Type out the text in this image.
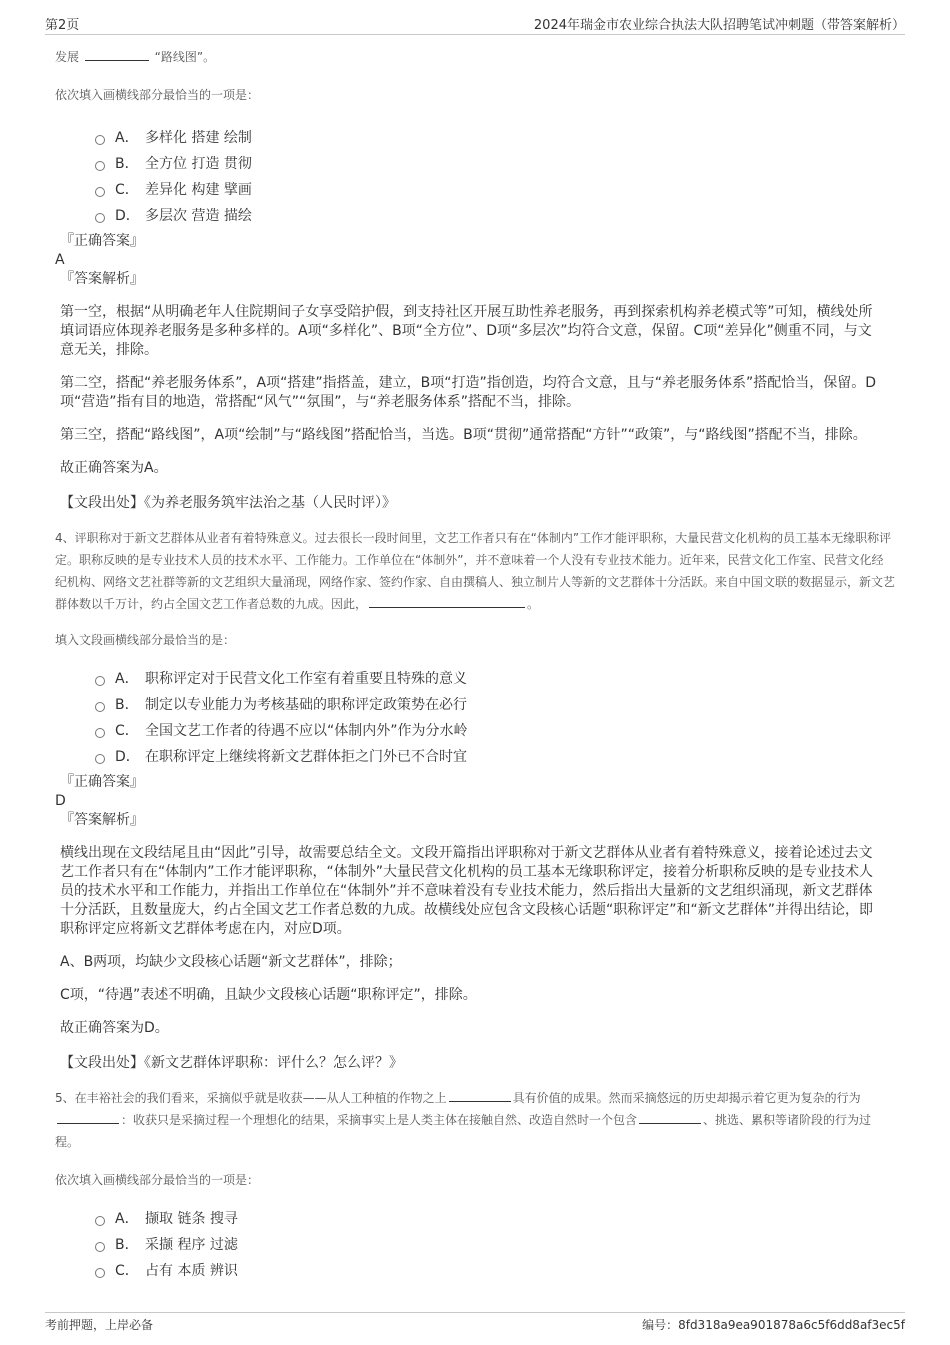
第2页	2024年瑞金市农业综合执法大队招聘笔试冲刺题（带答案解析）

发展	“路线图”。

依次填入画横线部分最恰当的一项是：

A． 多样化 搭建 绘制
B． 全方位 打造 贯彻
C． 差异化 构建 擘画
D． 多层次 营造 描绘
『正确答案』
A
『答案解析』

第一空，根据“从明确老年人住院期间子女享受陪护假，到支持社区开展互助性养老服务，再到探索机构养老模式等”可知，横线处所填词语应体现养老服务是多种多样的。A项“多样化”、B项“全方位”、D项“多层次”均符合文意，保留。C项“差异化”侧重不同，与文意无关，排除。

第二空，搭配“养老服务体系”，A项“搭建”指搭盖，建立，B项“打造”指创造，均符合文意，且与“养老服务体系”搭配恰当，保留。D项“营造”指有目的地造，常搭配“风气”“氛围”，与“养老服务体系”搭配不当，排除。

第三空，搭配“路线图”，A项“绘制”与“路线图”搭配恰当，当选。B项“贯彻”通常搭配“方针”“政策”，与“路线图”搭配不当，排除。

故正确答案为A。

【文段出处】《为养老服务筑牢法治之基（人民时评）》

4、评职称对于新文艺群体从业者有着特殊意义。过去很长一段时间里，文艺工作者只有在“体制内”工作才能评职称，大量民营文化机构的员工基本无缘职称评定。职称反映的是专业技术人员的技术水平、工作能力。工作单位在“体制外”，并不意味着一个人没有专业技术能力。近年来，民营文化工作室、民营文化经纪机构、网络文艺社群等新的文艺组织大量涌现，网络作家、签约作家、自由撰稿人、独立制片人等新的文艺群体十分活跃。来自中国文联的数据显示，新文艺群体数以千万计，约占全国文艺工作者总数的九成。因此，	。

填入文段画横线部分最恰当的是：

A． 职称评定对于民营文化工作室有着重要且特殊的意义
B． 制定以专业能力为考核基础的职称评定政策势在必行
C． 全国文艺工作者的待遇不应以“体制内外”作为分水岭
D． 在职称评定上继续将新文艺群体拒之门外已不合时宜
『正确答案』
D
『答案解析』

横线出现在文段结尾且由“因此”引导，故需要总结全文。文段开篇指出评职称对于新文艺群体从业者有着特殊意义，接着论述过去文艺工作者只有在“体制内”工作才能评职称，“体制外”大量民营文化机构的员工基本无缘职称评定，接着分析职称反映的是专业技术人员的技术水平和工作能力，并指出工作单位在“体制外”并不意味着没有专业技术能力，然后指出大量新的文艺组织涌现，新文艺群体十分活跃，且数量庞大，约占全国文艺工作者总数的九成。故横线处应包含文段核心话题“职称评定”和“新文艺群体”并得出结论，即职称评定应将新文艺群体考虑在内，对应D项。

A、B两项，均缺少文段核心话题“新文艺群体”，排除；

C项，“待遇”表述不明确，且缺少文段核心话题“职称评定”，排除。

故正确答案为D。

【文段出处】《新文艺群体评职称：评什么？怎么评？》

5、在丰裕社会的我们看来，采摘似乎就是收获——从人工种植的作物之上	具有价值的成果。然而采摘悠远的历史却揭示着它更为复杂的行为：收获只是采摘过程一个理想化的结果，采摘事实上是人类主体在接触自然、改造自然时一个包含	、挑选、累积等诸阶段的行为过程。

依次填入画横线部分最恰当的一项是：

A． 撷取 链条 搜寻
B． 采撷 程序 过滤
C． 占有 本质 辨识
考前押题，上岸必备	编号：8fd318a9ea901878a6c5f6dd8af3ec5f
